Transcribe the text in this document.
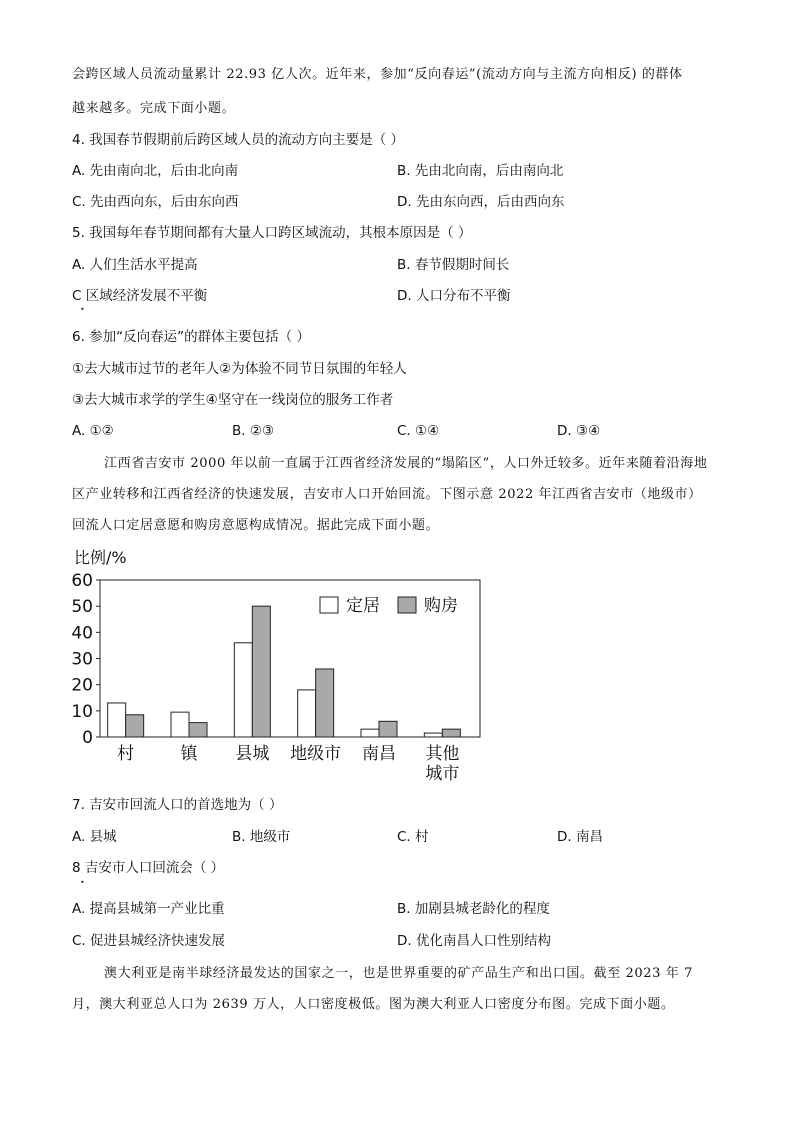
会跨区域人员流动量累计 22.93 亿人次。近年来，参加“反向春运”(流动方向与主流方向相反) 的群体
越来越多。完成下面小题。
4. 我国春节假期前后跨区域人员的流动方向主要是（ ）
A. 先由南向北，后由北向南	B. 先由北向南，后由南向北
C. 先由西向东，后由东向西	D. 先由东向西，后由西向东
5. 我国每年春节期间都有大量人口跨区域流动，其根本原因是（ ）
A. 人们生活水平提高	B. 春节假期时间长
C 区域经济发展不平衡	D. 人口分布不平衡
•
6. 参加“反向春运”的群体主要包括（ ）
①去大城市过节的老年人②为体验不同节日氛围的年轻人
③去大城市求学的学生④坚守在一线岗位的服务工作者
A. ①②	B. ②③	C. ①④	D. ③④
江西省吉安市 2000 年以前一直属于江西省经济发展的“塌陷区”，人口外迁较多。近年来随着沿海地
区产业转移和江西省经济的快速发展，吉安市人口开始回流。下图示意 2022 年江西省吉安市（地级市）
回流人口定居意愿和购房意愿构成情况。据此完成下面小题。
比例/%
0
10
20
30
40
50
60
村	镇 县城 地级市 南昌 其他
城市
定居	购房
7. 吉安市回流人口的首选地为（ ）
A. 县城	B. 地级市	C. 村	D. 南昌
8 吉安市人口回流会（ ）
•
A. 提高县城第一产业比重	B. 加剧县城老龄化的程度
C. 促进县城经济快速发展	D. 优化南昌人口性别结构
澳大利亚是南半球经济最发达的国家之一，也是世界重要的矿产品生产和出口国。截至 2023 年 7
月，澳大利亚总人口为 2639 万人，人口密度极低。图为澳大利亚人口密度分布图。完成下面小题。
